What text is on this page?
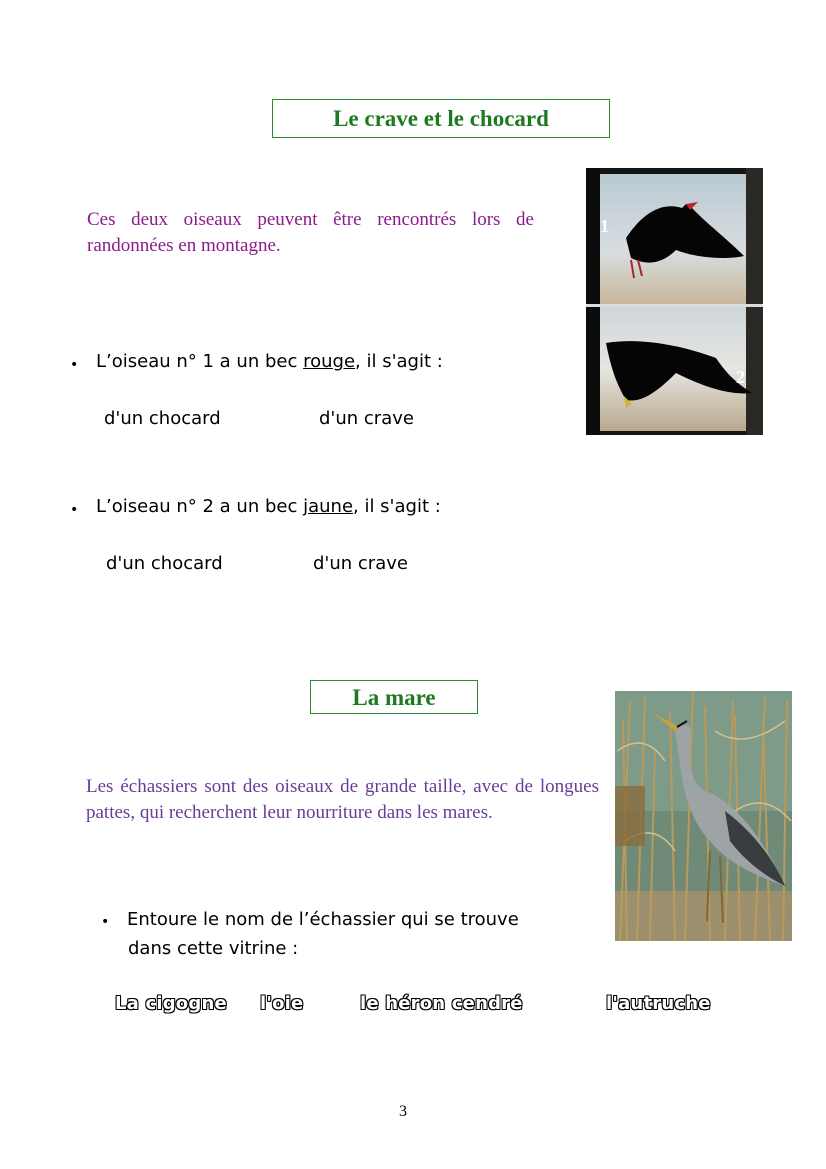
Le crave et le chocard
Ces deux oiseaux peuvent être rencontrés lors de randonnées en montagne.
1
2
• L’oiseau n° 1 a un bec rouge, il s'agit :
d'un chocard	d'un crave
• L’oiseau n° 2 a un bec jaune, il s'agit :
d'un chocard	d'un crave
La mare
Les échassiers sont des oiseaux de grande taille, avec de longues pattes, qui recherchent leur nourriture dans les mares.
• Entoure le nom de l’échassier qui se trouve
dans cette vitrine :
La cigogne l'oie	le héron cendré	l'autruche
3
